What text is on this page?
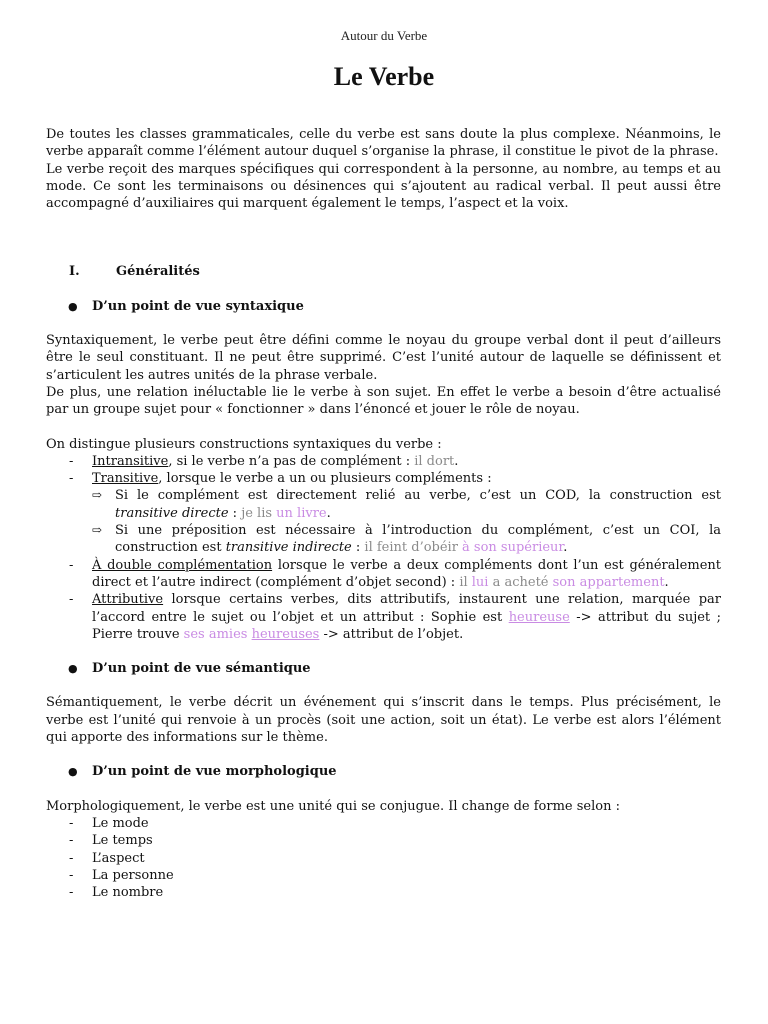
Autour du Verbe
Le Verbe

De toutes les classes grammaticales, celle du verbe est sans doute la plus complexe. Néanmoins, le verbe apparaît comme l’élément autour duquel s’organise la phrase, il constitue le pivot de la phrase.

Le verbe reçoit des marques spécifiques qui correspondent à la personne, au nombre, au temps et au mode. Ce sont les terminaisons ou désinences qui s’ajoutent au radical verbal. Il peut aussi être accompagné d’auxiliaires qui marquent également le temps, l’aspect et la voix.

I.	Généralités
●	D’un point de vue syntaxique

Syntaxiquement, le verbe peut être défini comme le noyau du groupe verbal dont il peut d’ailleurs être le seul constituant. Il ne peut être supprimé. C’est l’unité autour de laquelle se définissent et s’articulent les autres unités de la phrase verbale.

De plus, une relation inéluctable lie le verbe à son sujet. En effet le verbe a besoin d’être actualisé par un groupe sujet pour « fonctionner » dans l’énoncé et jouer le rôle de noyau.

On distingue plusieurs constructions syntaxiques du verbe :

-	Intransitive, si le verbe n’a pas de complément : il dort.
-	Transitive, lorsque le verbe a un ou plusieurs compléments :
⇨ Si le complément est directement relié au verbe, c’est un COD, la construction est transitive directe : je lis un livre.
⇨ Si une préposition est nécessaire à l’introduction du complément, c’est un COI, la construction est transitive indirecte : il feint d’obéir à son supérieur.
-	À double complémentation lorsque le verbe a deux compléments dont l’un est généralement direct et l’autre indirect (complément d’objet second) : il lui a acheté son appartement.
-	Attributive lorsque certains verbes, dits attributifs, instaurent une relation, marquée par l’accord entre le sujet ou l’objet et un attribut : Sophie est heureuse -> attribut du sujet ; Pierre trouve ses amies heureuses -> attribut de l’objet.
●	D’un point de vue sémantique

Sémantiquement, le verbe décrit un événement qui s’inscrit dans le temps. Plus précisément, le verbe est l’unité qui renvoie à un procès (soit une action, soit un état). Le verbe est alors l’élément qui apporte des informations sur le thème.

●	D’un point de vue morphologique

Morphologiquement, le verbe est une unité qui se conjugue. Il change de forme selon :

-	Le mode
-	Le temps
-	L’aspect
-	La personne
-	Le nombre
